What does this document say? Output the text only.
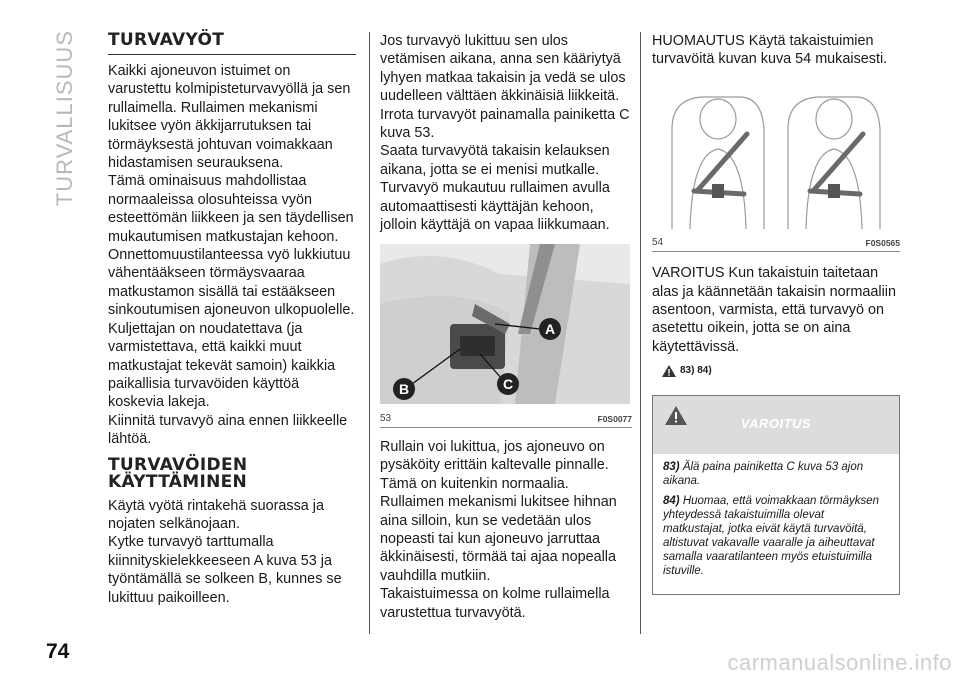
TURVALLISUUS
74	carmanualsonline.info
TURVAVYÖT

Kaikki ajoneuvon istuimet on varustettu kolmipisteturvavyöllä ja sen rullaimella. Rullaimen mekanismi lukitsee vyön äkkijarrutuksen tai törmäyksestä johtuvan voimakkaan hidastamisen seurauksena.

Tämä ominaisuus mahdollistaa normaaleissa olosuhteissa vyön esteettömän liikkeen ja sen täydellisen mukautumisen matkustajan kehoon. Onnettomuustilanteessa vyö lukkiutuu vähentääkseen törmäysvaaraa matkustamon sisällä tai estääkseen sinkoutumisen ajoneuvon ulkopuolelle.

Kuljettajan on noudatettava (ja varmistettava, että kaikki muut matkustajat tekevät samoin) kaikkia paikallisia turvavöiden käyttöä koskevia lakeja.

Kiinnitä turvavyö aina ennen liikkeelle lähtöä.

TURVAVÖIDEN
KÄYTTÄMINEN

Käytä vyötä rintakehä suorassa ja nojaten selkänojaan.

Kytke turvavyö tarttumalla kiinnityskielekkeeseen A kuva 53 ja työntämällä se solkeen B, kunnes se lukittuu paikoilleen.

Jos turvavyö lukittuu sen ulos vetämisen aikana, anna sen kääriytyä lyhyen matkaa takaisin ja vedä se ulos uudelleen välttäen äkkinäisiä liikkeitä.

Irrota turvavyöt painamalla painiketta C kuva 53.

Saata turvavyötä takaisin kelauksen aikana, jotta se ei menisi mutkalle.

Turvavyö mukautuu rullaimen avulla automaattisesti käyttäjän kehoon, jolloin käyttäjä on vapaa liikkumaan.

A
B	C
53	F0S0077

Rullain voi lukittua, jos ajoneuvo on pysäköity erittäin kaltevalle pinnalle. Tämä on kuitenkin normaalia. Rullaimen mekanismi lukitsee hihnan aina silloin, kun se vedetään ulos nopeasti tai kun ajoneuvo jarruttaa äkkinäisesti, törmää tai ajaa nopealla vauhdilla mutkiin.

Takaistuimessa on kolme rullaimella varustettua turvavyötä.

HUOMAUTUS Käytä takaistuimien turvavöitä kuvan kuva 54 mukaisesti.

54	F0S0565

VAROITUS Kun takaistuin taitetaan alas ja käännetään takaisin normaaliin asentoon, varmista, että turvavyö on asetettu oikein, jotta se on aina käytettävissä.

83) 84)
VAROITUS

83) Älä paina painiketta C kuva 53 ajon aikana.

84) Huomaa, että voimakkaan törmäyksen yhteydessä takaistuimilla olevat matkustajat, jotka eivät käytä turvavöitä, altistuvat vakavalle vaaralle ja aiheuttavat samalla vaaratilanteen myös etuistuimilla istuville.
